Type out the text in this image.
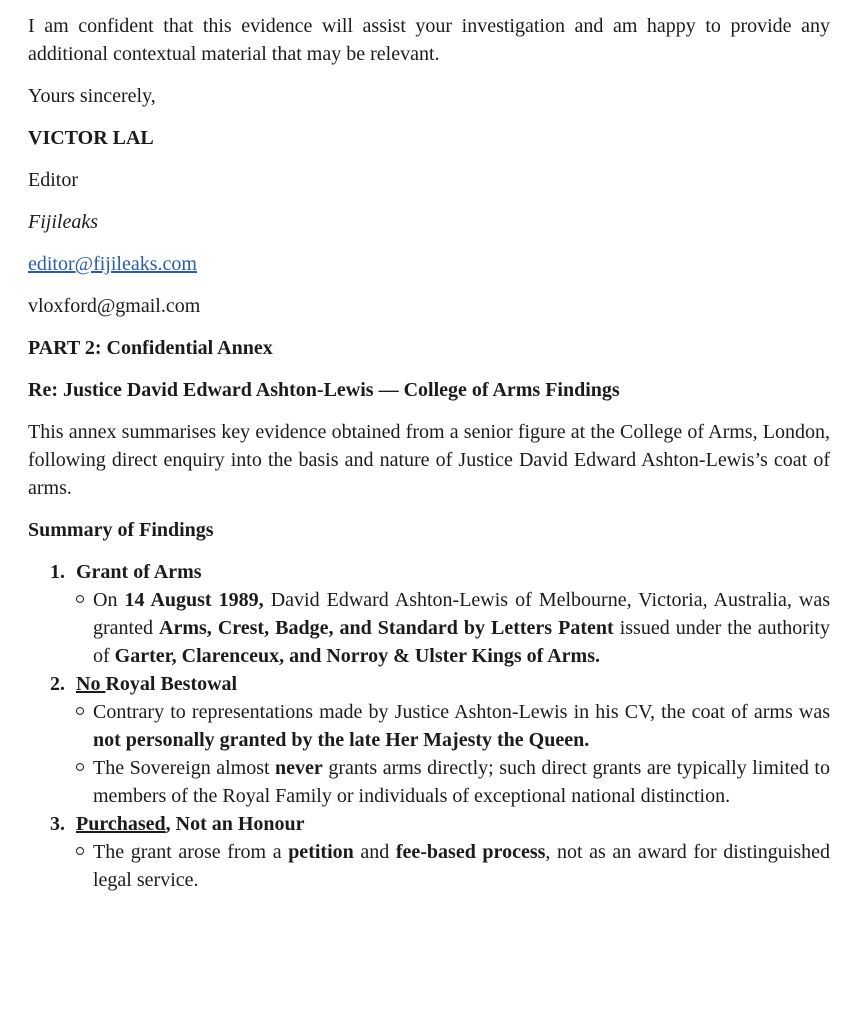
I am confident that this evidence will assist your investigation and am happy to provide any additional contextual material that may be relevant.

Yours sincerely,

VICTOR LAL

Editor

Fijileaks

editor@fijileaks.com

vloxford@gmail.com

PART 2: Confidential Annex

Re: Justice David Edward Ashton-Lewis — College of Arms Findings

This annex summarises key evidence obtained from a senior figure at the College of Arms, London, following direct enquiry into the basis and nature of Justice David Edward Ashton-Lewis’s coat of arms.

Summary of Findings

1. Grant of Arms

On 14 August 1989, David Edward Ashton-Lewis of Melbourne, Victoria, Australia, was granted Arms, Crest, Badge, and Standard by Letters Patent issued under the authority of Garter, Clarenceux, and Norroy & Ulster Kings of Arms.

2. No Royal Bestowal

Contrary to representations made by Justice Ashton-Lewis in his CV, the coat of arms was not personally granted by the late Her Majesty the Queen.

The Sovereign almost never grants arms directly; such direct grants are typically limited to members of the Royal Family or individuals of exceptional national distinction.

3. Purchased, Not an Honour

The grant arose from a petition and fee-based process, not as an award for distinguished legal service.
